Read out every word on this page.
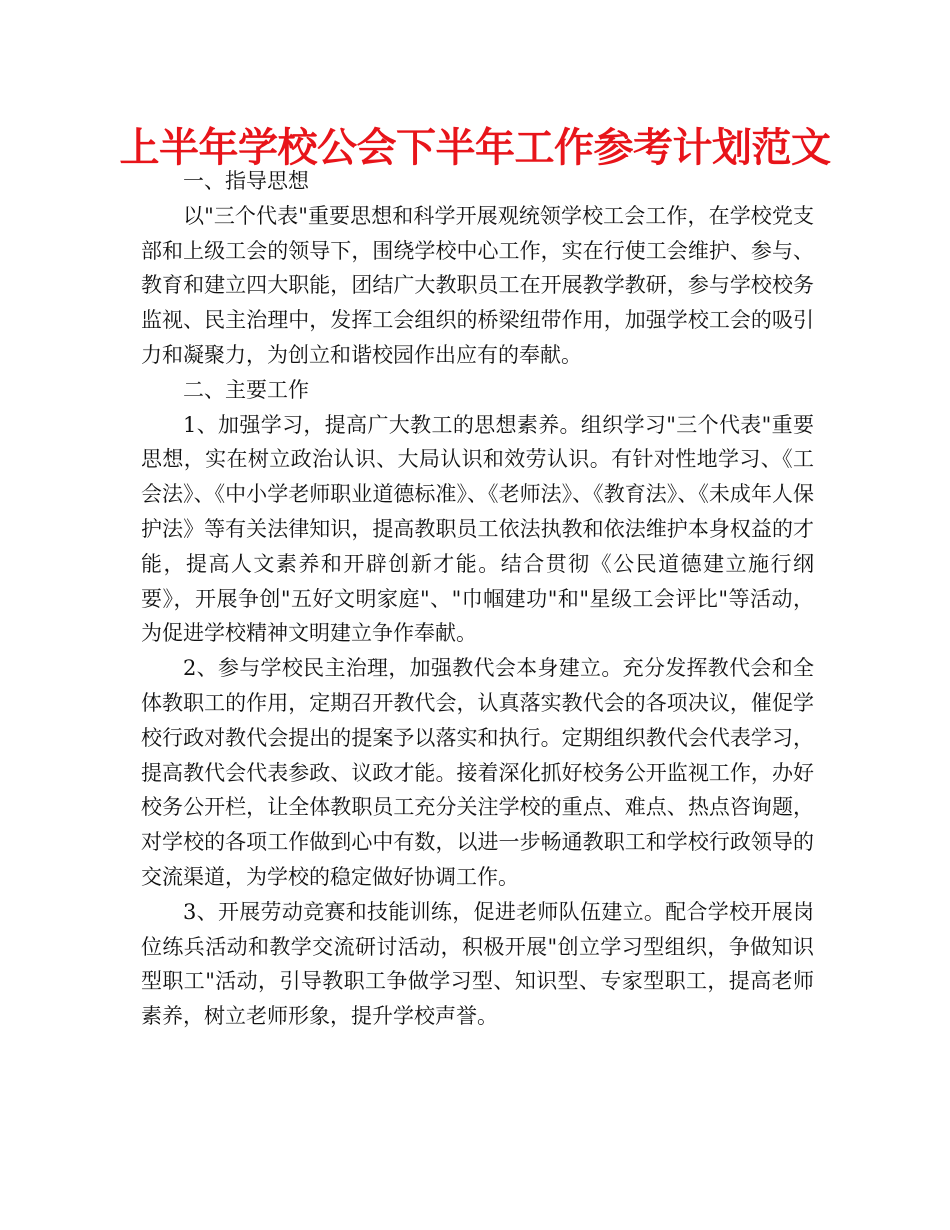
上半年学校公会下半年工作参考计划范文

一、指导思想

以"三个代表"重要思想和科学开展观统领学校工会工作，在学校党支部和上级工会的领导下，围绕学校中心工作，实在行使工会维护、参与、教育和建立四大职能，团结广大教职员工在开展教学教研，参与学校校务监视、民主治理中，发挥工会组织的桥梁纽带作用，加强学校工会的吸引力和凝聚力，为创立和谐校园作出应有的奉献。

二、主要工作

1、加强学习，提高广大教工的思想素养。组织学习"三个代表"重要思想，实在树立政治认识、大局认识和效劳认识。有针对性地学习、《工会法》、《中小学老师职业道德标准》、《老师法》、《教育法》、《未成年人保护法》等有关法律知识，提高教职员工依法执教和依法维护本身权益的才能，提高人文素养和开辟创新才能。结合贯彻《公民道德建立施行纲要》，开展争创"五好文明家庭"、"巾帼建功"和"星级工会评比"等活动，为促进学校精神文明建立争作奉献。

2、参与学校民主治理，加强教代会本身建立。充分发挥教代会和全体教职工的作用，定期召开教代会，认真落实教代会的各项决议，催促学校行政对教代会提出的提案予以落实和执行。定期组织教代会代表学习，提高教代会代表参政、议政才能。接着深化抓好校务公开监视工作，办好校务公开栏，让全体教职员工充分关注学校的重点、难点、热点咨询题，对学校的各项工作做到心中有数，以进一步畅通教职工和学校行政领导的交流渠道，为学校的稳定做好协调工作。

3、开展劳动竞赛和技能训练，促进老师队伍建立。配合学校开展岗位练兵活动和教学交流研讨活动，积极开展"创立学习型组织，争做知识型职工"活动，引导教职工争做学习型、知识型、专家型职工，提高老师素养，树立老师形象，提升学校声誉。
